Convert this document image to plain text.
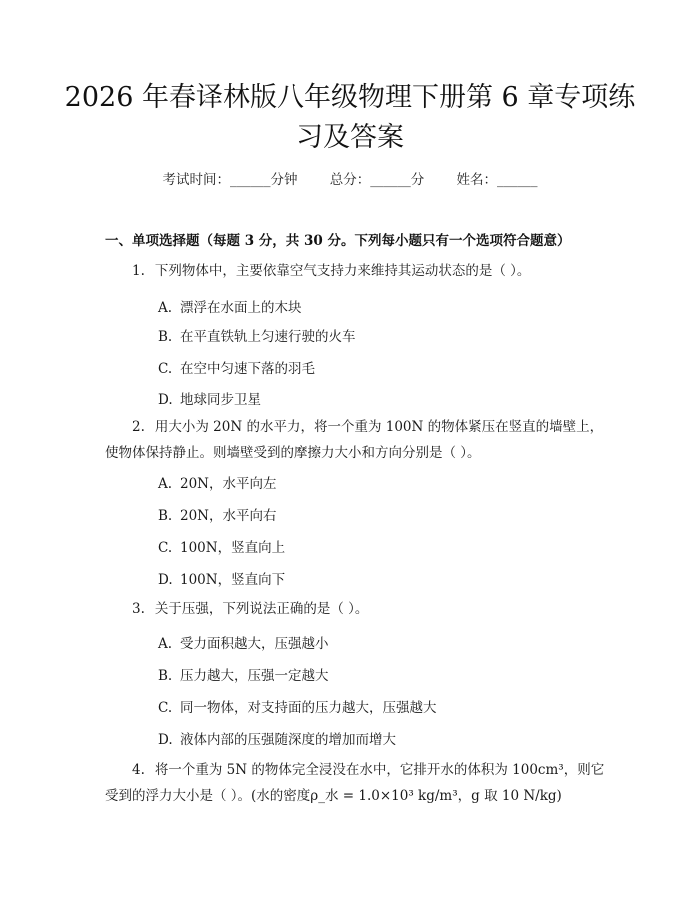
2026 年春译林版八年级物理下册第 6 章专项练习及答案
考试时间：______分钟 总分：______分 姓名：______
一、单项选择题（每题 3 分，共 30 分。下列每小题只有一个选项符合题意）
1. 下列物体中，主要依靠空气支持力来维持其运动状态的是（ ）。
A. 漂浮在水面上的木块
B. 在平直铁轨上匀速行驶的火车
C. 在空中匀速下落的羽毛
D. 地球同步卫星
2. 用大小为 20N 的水平力，将一个重为 100N 的物体紧压在竖直的墙壁上，使物体保持静止。则墙壁受到的摩擦力大小和方向分别是（ ）。
A. 20N，水平向左
B. 20N，水平向右
C. 100N，竖直向上
D. 100N，竖直向下
3. 关于压强，下列说法正确的是（ ）。
A. 受力面积越大，压强越小
B. 压力越大，压强一定越大
C. 同一物体，对支持面的压力越大，压强越大
D. 液体内部的压强随深度的增加而增大
4. 将一个重为 5N 的物体完全浸没在水中，它排开水的体积为 100cm³，则它受到的浮力大小是（ ）。(水的密度ρ_水 = 1.0×10³ kg/m³，g 取 10 N/kg)
